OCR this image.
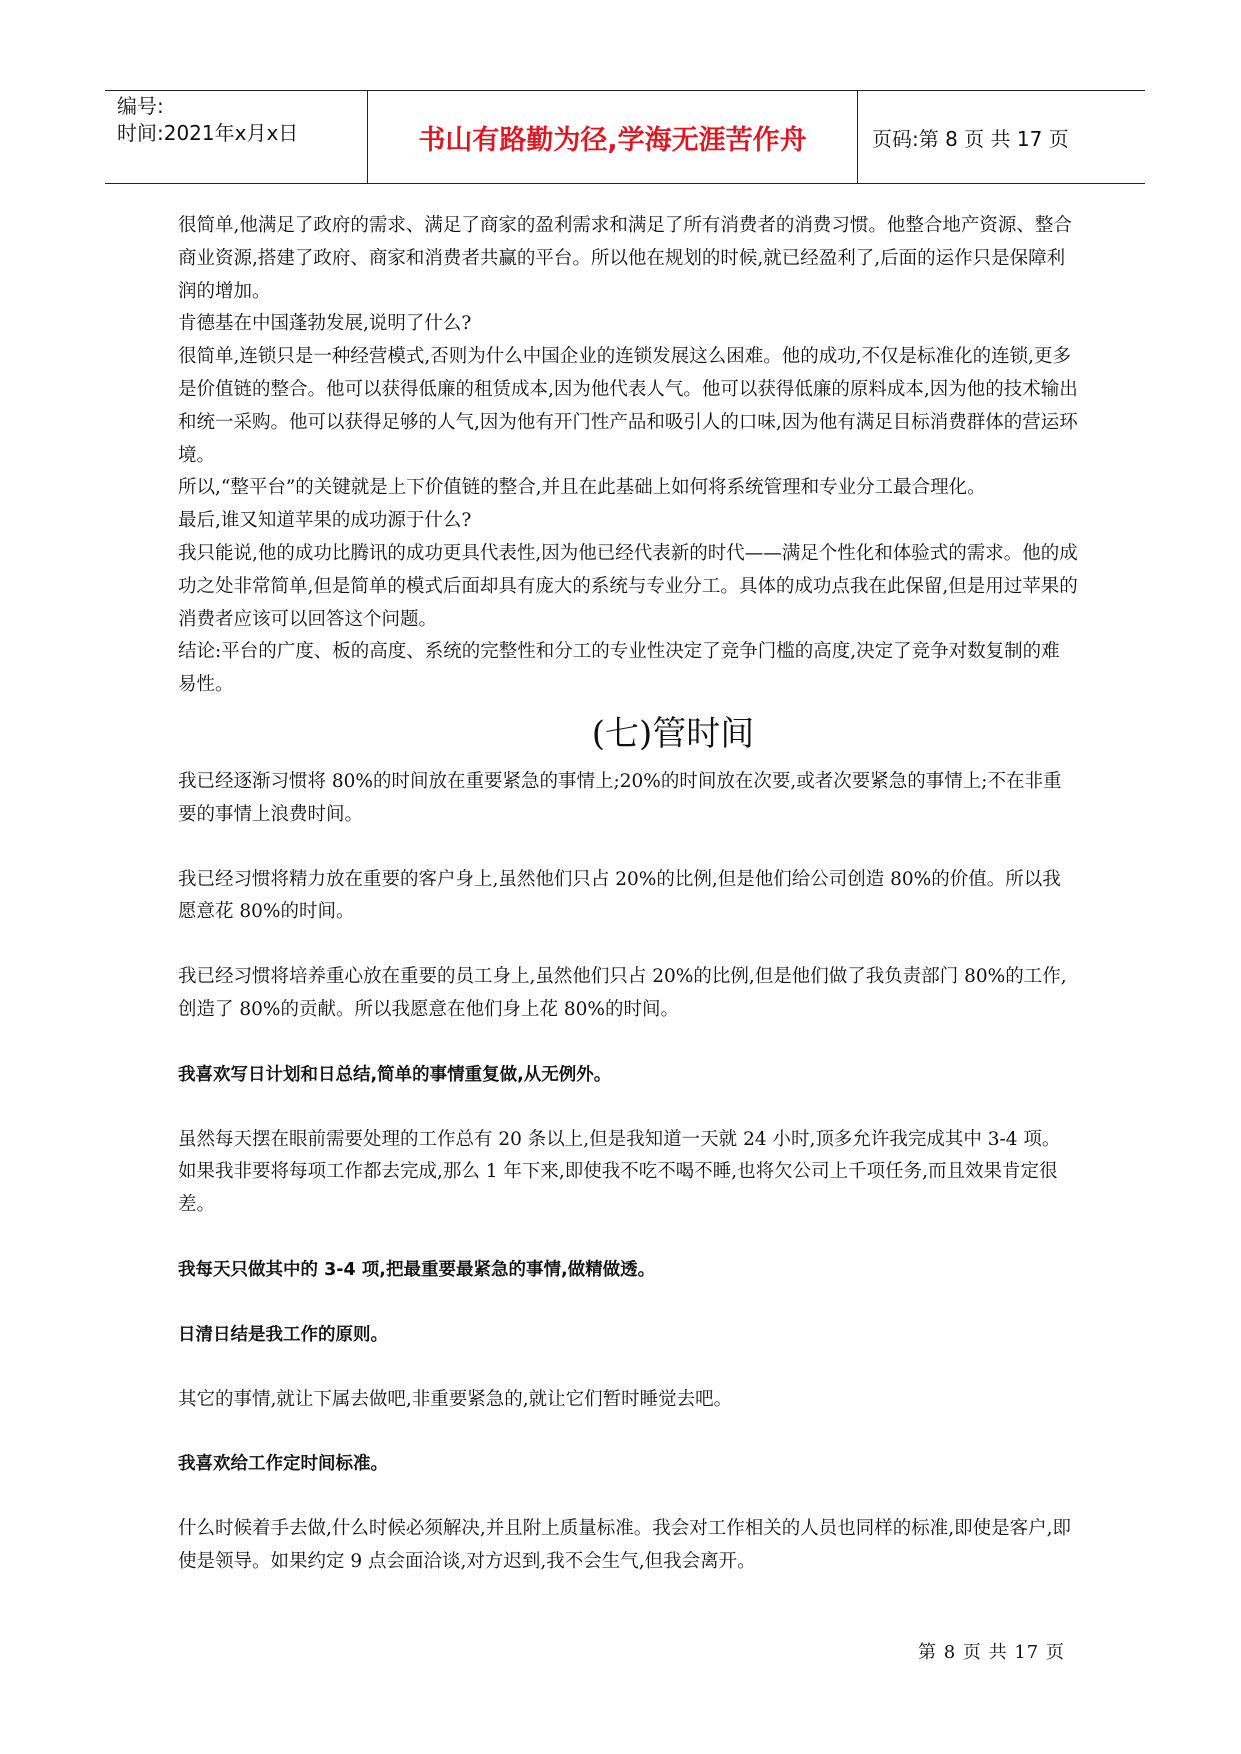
编号:
时间:2021年x月x日	书山有路勤为径,学海无涯苦作舟	页码:第 8 页 共 17 页

很简单,他满足了政府的需求、满足了商家的盈利需求和满足了所有消费者的消费习惯。他整合地产资源、整合商业资源,搭建了政府、商家和消费者共赢的平台。所以他在规划的时候,就已经盈利了,后面的运作只是保障利润的增加。

肯德基在中国蓬勃发展,说明了什么?

很简单,连锁只是一种经营模式,否则为什么中国企业的连锁发展这么困难。他的成功,不仅是标准化的连锁,更多是价值链的整合。他可以获得低廉的租赁成本,因为他代表人气。他可以获得低廉的原料成本,因为他的技术输出和统一采购。他可以获得足够的人气,因为他有开门性产品和吸引人的口味,因为他有满足目标消费群体的营运环境。

所以,“整平台”的关键就是上下价值链的整合,并且在此基础上如何将系统管理和专业分工最合理化。

最后,谁又知道苹果的成功源于什么?

我只能说,他的成功比腾讯的成功更具代表性,因为他已经代表新的时代——满足个性化和体验式的需求。他的成功之处非常简单,但是简单的模式后面却具有庞大的系统与专业分工。具体的成功点我在此保留,但是用过苹果的消费者应该可以回答这个问题。

结论:平台的广度、板的高度、系统的完整性和分工的专业性决定了竞争门槛的高度,决定了竞争对数复制的难易性。

(七)管时间

我已经逐渐习惯将 80%的时间放在重要紧急的事情上;20%的时间放在次要,或者次要紧急的事情上;不在非重要的事情上浪费时间。

我已经习惯将精力放在重要的客户身上,虽然他们只占 20%的比例,但是他们给公司创造 80%的价值。所以我愿意花 80%的时间。

我已经习惯将培养重心放在重要的员工身上,虽然他们只占 20%的比例,但是他们做了我负责部门 80%的工作,创造了 80%的贡献。所以我愿意在他们身上花 80%的时间。

我喜欢写日计划和日总结,简单的事情重复做,从无例外。

虽然每天摆在眼前需要处理的工作总有 20 条以上,但是我知道一天就 24 小时,顶多允许我完成其中 3-4 项。如果我非要将每项工作都去完成,那么 1 年下来,即使我不吃不喝不睡,也将欠公司上千项任务,而且效果肯定很差。

我每天只做其中的 3-4 项,把最重要最紧急的事情,做精做透。

日清日结是我工作的原则。

其它的事情,就让下属去做吧,非重要紧急的,就让它们暂时睡觉去吧。

我喜欢给工作定时间标准。

什么时候着手去做,什么时候必须解决,并且附上质量标准。我会对工作相关的人员也同样的标准,即使是客户,即使是领导。如果约定 9 点会面洽谈,对方迟到,我不会生气,但我会离开。

第 8 页 共 17 页
